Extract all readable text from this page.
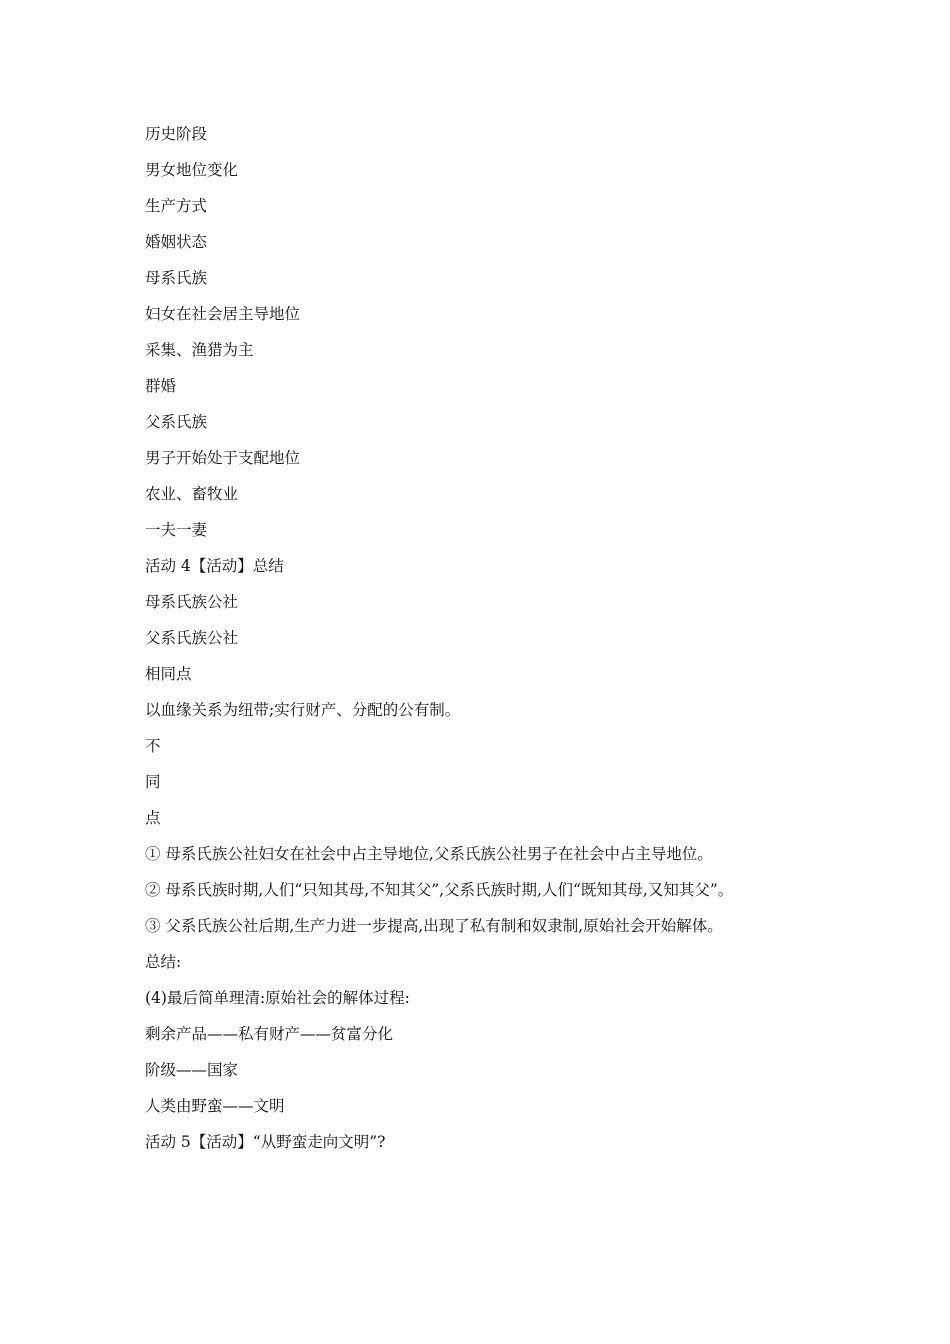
历史阶段
男女地位变化
生产方式
婚姻状态
母系氏族
妇女在社会居主导地位
采集、渔猎为主
群婚
父系氏族
男子开始处于支配地位
农业、畜牧业
一夫一妻
活动 4【活动】总结
母系氏族公社
父系氏族公社
相同点
以血缘关系为纽带;实行财产、分配的公有制。
不
同
点
① 母系氏族公社妇女在社会中占主导地位,父系氏族公社男子在社会中占主导地位。
② 母系氏族时期,人们“只知其母,不知其父”,父系氏族时期,人们“既知其母,又知其父”。
③ 父系氏族公社后期,生产力进一步提高,出现了私有制和奴隶制,原始社会开始解体。
总结:
(4)最后简单理清:原始社会的解体过程:
剩余产品——私有财产——贫富分化
阶级——国家
人类由野蛮——文明
活动 5【活动】“从野蛮走向文明”?
